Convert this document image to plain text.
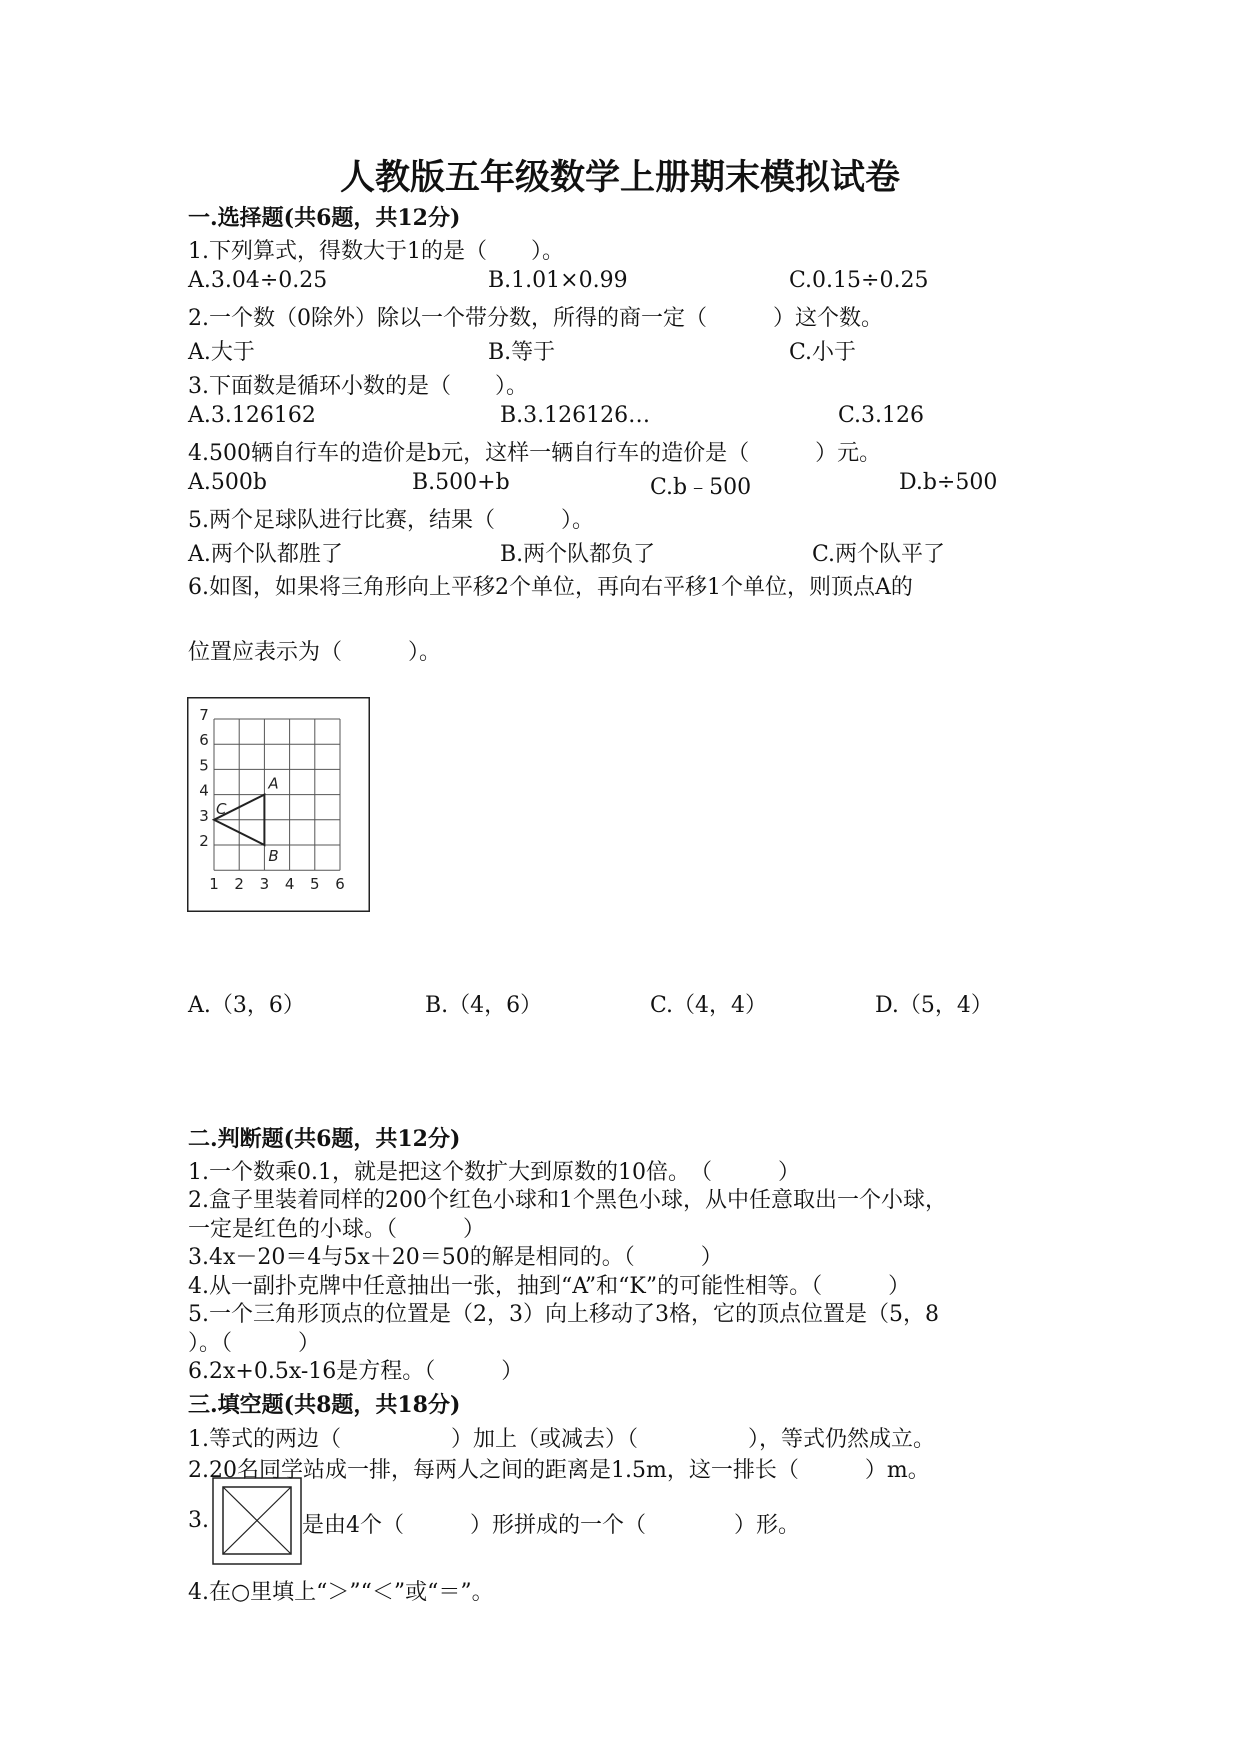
人教版五年级数学上册期末模拟试卷
一.选择题(共6题，共12分)
1.下列算式，得数大于1的是（　　）。
A.3.04÷0.25	B.1.01×0.99	C.0.15÷0.25
2.一个数（0除外）除以一个带分数，所得的商一定（　　　）这个数。
A.大于	B.等于	C.小于
3.下面数是循环小数的是（　　）。
A.3.126162	B.3.126126…	C.3.126
4.500辆自行车的造价是b元，这样一辆自行车的造价是（　　　）元。
A.500b	B.500+b	C.b﹣500	D.b÷500
5.两个足球队进行比赛，结果（　　　）。
A.两个队都胜了	B.两个队都负了	C.两个队平了
6.如图，如果将三角形向上平移2个单位，再向右平移1个单位，则顶点A的
位置应表示为（　　　）。
1 2 3 4 5 6
2
3
4
5
6
7
A
B
C
A.（3，6）	B.（4，6）	C.（4，4）	D.（5，4）
二.判断题(共6题，共12分)
1.一个数乘0.1，就是把这个数扩大到原数的10倍。　（　　　）
2.盒子里装着同样的200个红色小球和1个黑色小球，从中任意取出一个小球，
一定是红色的小球。（　　　）
3.4x－20＝4与5x＋20＝50的解是相同的。（　　　）
4.从一副扑克牌中任意抽出一张，抽到“A”和“K”的可能性相等。（　　　）
5.一个三角形顶点的位置是（2，3）向上移动了3格，它的顶点位置是（5，8
）。（　　　）
6.2x+0.5x-16是方程。（　　　）
三.填空题(共8题，共18分)
1.等式的两边（　　　　　）加上（或减去）（　　　　　），等式仍然成立。
2.20名同学站成一排，每两人之间的距离是1.5m，这一排长（　　　）m。
3.	是由4个（　　　）形拼成的一个（　　　　）形。
4.在○里填上“＞”“＜”或“＝”。
